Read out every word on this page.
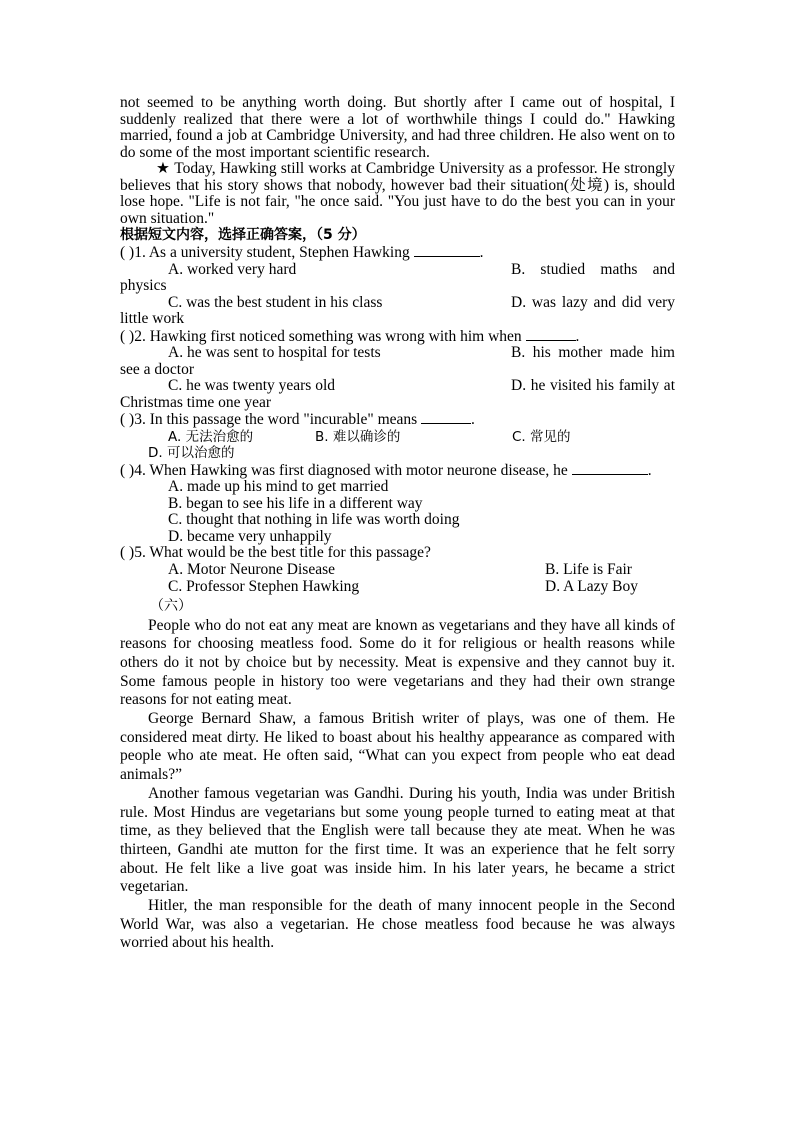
not seemed to be anything worth doing. But shortly after I came out of hospital, I suddenly realized that there were a lot of worthwhile things I could do." Hawking married, found a job at Cambridge University, and had three children. He also went on to do some of the most important scientific research.

★ Today, Hawking still works at Cambridge University as a professor. He strongly believes that his story shows that nobody, however bad their situation(处境) is, should lose hope. "Life is not fair, "he once said. "You just have to do the best you can in your own situation."

根据短文内容，选择正确答案，（5 分）

( )1. As a university student, Stephen Hawking	.

A. worked very hard	B. studied maths and physics
C. was the best student in his class	D. was lazy and did very little work

( )2. Hawking first noticed something was wrong with him when	.

A. he was sent to hospital for tests	B. his mother made him see a doctor
C. he was twenty years old	D. he visited his family at Christmas time one year

( )3. In this passage the word "incurable" means	.

A. 无法治愈的	B. 难以确诊的	C. 常见的
D. 可以治愈的

( )4. When Hawking was first diagnosed with motor neurone disease, he	.

A. made up his mind to get married

B. began to see his life in a different way

C. thought that nothing in life was worth doing

D. became very unhappily

( )5. What would be the best title for this passage?

A. Motor Neurone Disease	B. Life is Fair
C. Professor Stephen Hawking	D. A Lazy Boy

（六）

People who do not eat any meat are known as vegetarians and they have all kinds of reasons for choosing meatless food. Some do it for religious or health reasons while others do it not by choice but by necessity. Meat is expensive and they cannot buy it. Some famous people in history too were vegetarians and they had their own strange reasons for not eating meat.

George Bernard Shaw, a famous British writer of plays, was one of them. He considered meat dirty. He liked to boast about his healthy appearance as compared with people who ate meat. He often said, “What can you expect from people who eat dead animals?”

Another famous vegetarian was Gandhi. During his youth, India was under British rule. Most Hindus are vegetarians but some young people turned to eating meat at that time, as they believed that the English were tall because they ate meat. When he was thirteen, Gandhi ate mutton for the first time. It was an experience that he felt sorry about. He felt like a live goat was inside him. In his later years, he became a strict vegetarian.

Hitler, the man responsible for the death of many innocent people in the Second World War, was also a vegetarian. He chose meatless food because he was always worried about his health.
